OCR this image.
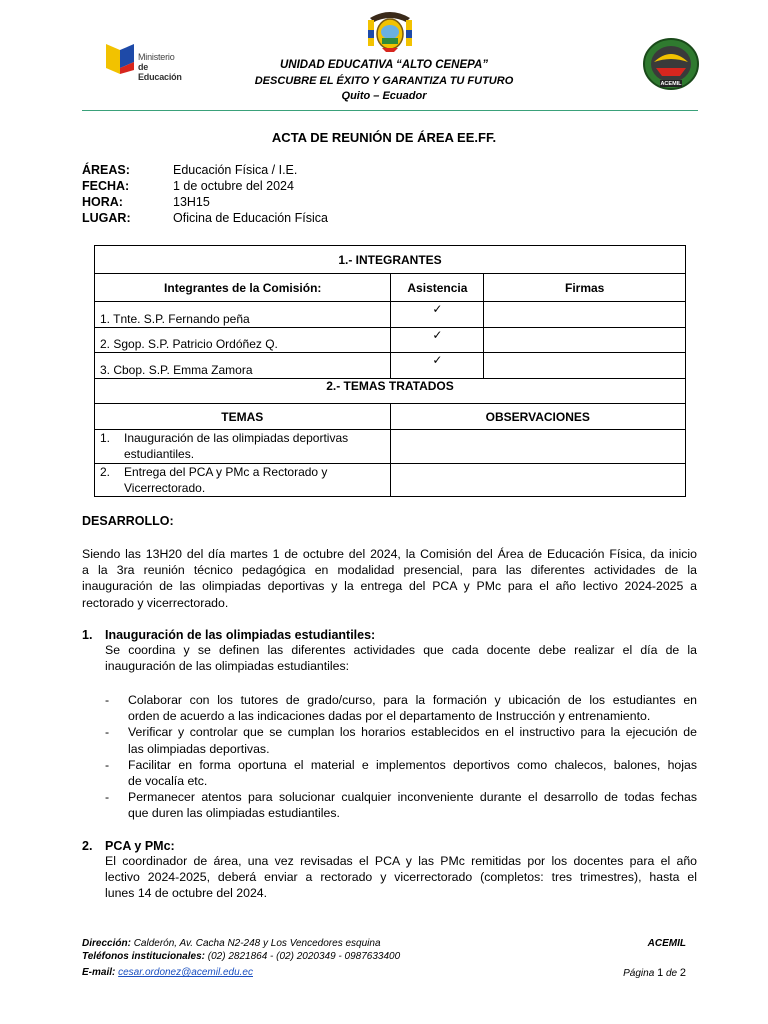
Ministerio
de Educación
ACEMIL
UNIDAD EDUCATIVA “ALTO CENEPA”
DESCUBRE EL ÉXITO Y GARANTIZA TU FUTURO
Quito – Ecuador
ACTA DE REUNIÓN DE ÁREA EE.FF.
ÁREAS:	Educación Física / I.E.
FECHA:	1 de octubre del 2024
HORA:	13H15
LUGAR:	Oficina de Educación Física
1.- INTEGRANTES		
Integrantes de la Comisión:	Asistencia	Firmas
1. Tnte. S.P. Fernando peña	✓	
2. Sgop. S.P. Patricio Ordóñez Q.	✓	
3. Cbop. S.P. Emma Zamora	✓	
2.- TEMAS TRATADOS	
TEMAS	OBSERVACIONES

1. Inauguración de las olimpiadas deportivas
estudiantiles.	

2. Entrega del PCA y PMc a Rectorado y
Vicerrectorado.	

DESARROLLO:
Siendo las 13H20 del día martes 1 de octubre del 2024, la Comisión del Área de Educación Física, da inicio
a la 3ra reunión técnico pedagógica en modalidad presencial, para las diferentes actividades de la
inauguración de las olimpiadas deportivas y la entrega del PCA y PMc para el año lectivo 2024-2025 a
rectorado y vicerrectorado.
1. Inauguración de las olimpiadas estudiantiles:
Se coordina y se definen las diferentes actividades que cada docente debe realizar el día de la
inauguración de las olimpiadas estudiantiles:
- Colaborar con los tutores de grado/curso, para la formación y ubicación de los estudiantes en
orden de acuerdo a las indicaciones dadas por el departamento de Instrucción y entrenamiento.
- Verificar y controlar que se cumplan los horarios establecidos en el instructivo para la ejecución de
las olimpiadas deportivas.
- Facilitar en forma oportuna el material e implementos deportivos como chalecos, balones, hojas
de vocalía etc.
- Permanecer atentos para solucionar cualquier inconveniente durante el desarrollo de todas fechas
que duren las olimpiadas estudiantiles.
2. PCA y PMc:
El coordinador de área, una vez revisadas el PCA y las PMc remitidas por los docentes para el año
lectivo 2024-2025, deberá enviar a rectorado y vicerrectorado (completos: tres trimestres), hasta el
lunes 14 de octubre del 2024.
Dirección: Calderón, Av. Cacha N2-248 y Los Vencedores esquina
Teléfonos institucionales: (02) 2821864 - (02) 2020349 - 0987633400
E-mail: cesar.ordonez@acemil.edu.ec
ACEMIL
Página 1 de 2
